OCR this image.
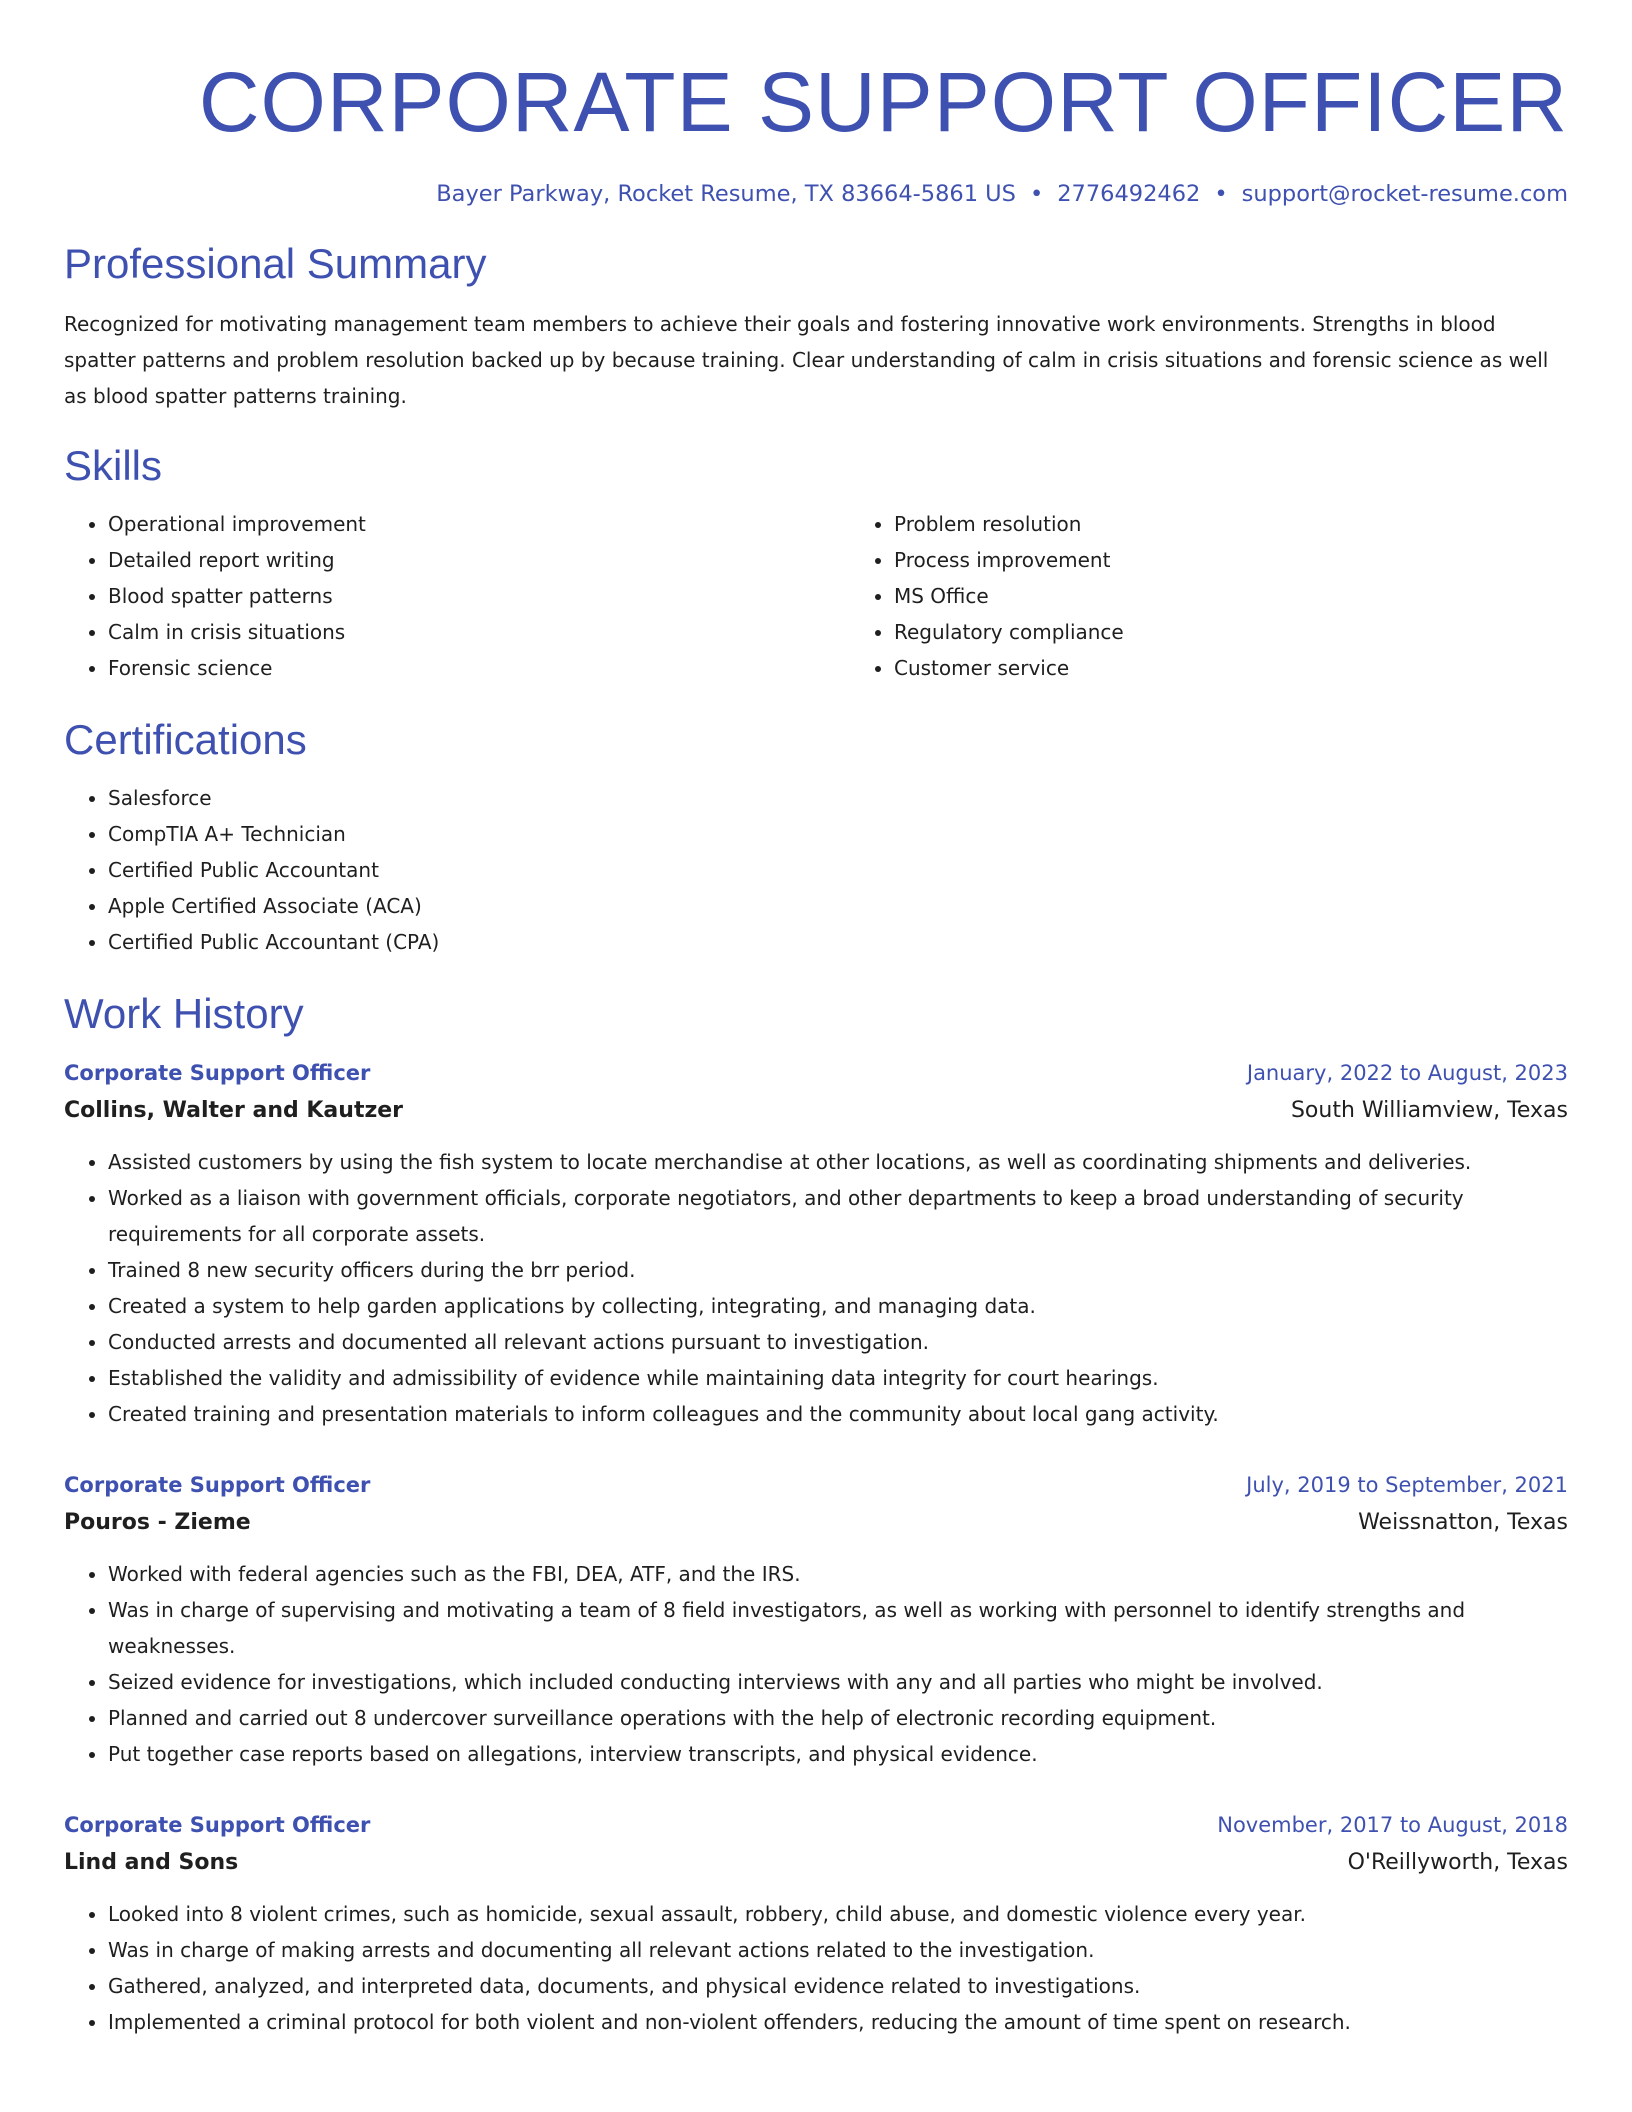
CORPORATE SUPPORT OFFICER
Bayer Parkway, Rocket Resume, TX 83664-5861 US • 2776492462 • support@rocket-resume.com
Professional Summary

Recognized for motivating management team members to achieve their goals and fostering innovative work environments. Strengths in blood spatter patterns and problem resolution backed up by because training. Clear understanding of calm in crisis situations and forensic science as well as blood spatter patterns training.

Skills
• Operational improvement
• Detailed report writing
• Blood spatter patterns
• Calm in crisis situations
• Forensic science
• Problem resolution
• Process improvement
• MS Office
• Regulatory compliance
• Customer service
Certifications
• Salesforce
• CompTIA A+ Technician
• Certified Public Accountant
• Apple Certified Associate (ACA)
• Certified Public Accountant (CPA)
Work History
Corporate Support Officer	January, 2022 to August, 2023
Collins, Walter and Kautzer	South Williamview, Texas
• Assisted customers by using the fish system to locate merchandise at other locations, as well as coordinating shipments and deliveries.
• Worked as a liaison with government officials, corporate negotiators, and other departments to keep a broad understanding of security requirements for all corporate assets.
• Trained 8 new security officers during the brr period.
• Created a system to help garden applications by collecting, integrating, and managing data.
• Conducted arrests and documented all relevant actions pursuant to investigation.
• Established the validity and admissibility of evidence while maintaining data integrity for court hearings.
• Created training and presentation materials to inform colleagues and the community about local gang activity.
Corporate Support Officer	July, 2019 to September, 2021
Pouros - Zieme	Weissnatton, Texas
• Worked with federal agencies such as the FBI, DEA, ATF, and the IRS.
• Was in charge of supervising and motivating a team of 8 field investigators, as well as working with personnel to identify strengths and weaknesses.
• Seized evidence for investigations, which included conducting interviews with any and all parties who might be involved.
• Planned and carried out 8 undercover surveillance operations with the help of electronic recording equipment.
• Put together case reports based on allegations, interview transcripts, and physical evidence.
Corporate Support Officer	November, 2017 to August, 2018
Lind and Sons	O'Reillyworth, Texas
• Looked into 8 violent crimes, such as homicide, sexual assault, robbery, child abuse, and domestic violence every year.
• Was in charge of making arrests and documenting all relevant actions related to the investigation.
• Gathered, analyzed, and interpreted data, documents, and physical evidence related to investigations.
• Implemented a criminal protocol for both violent and non-violent offenders, reducing the amount of time spent on research.
